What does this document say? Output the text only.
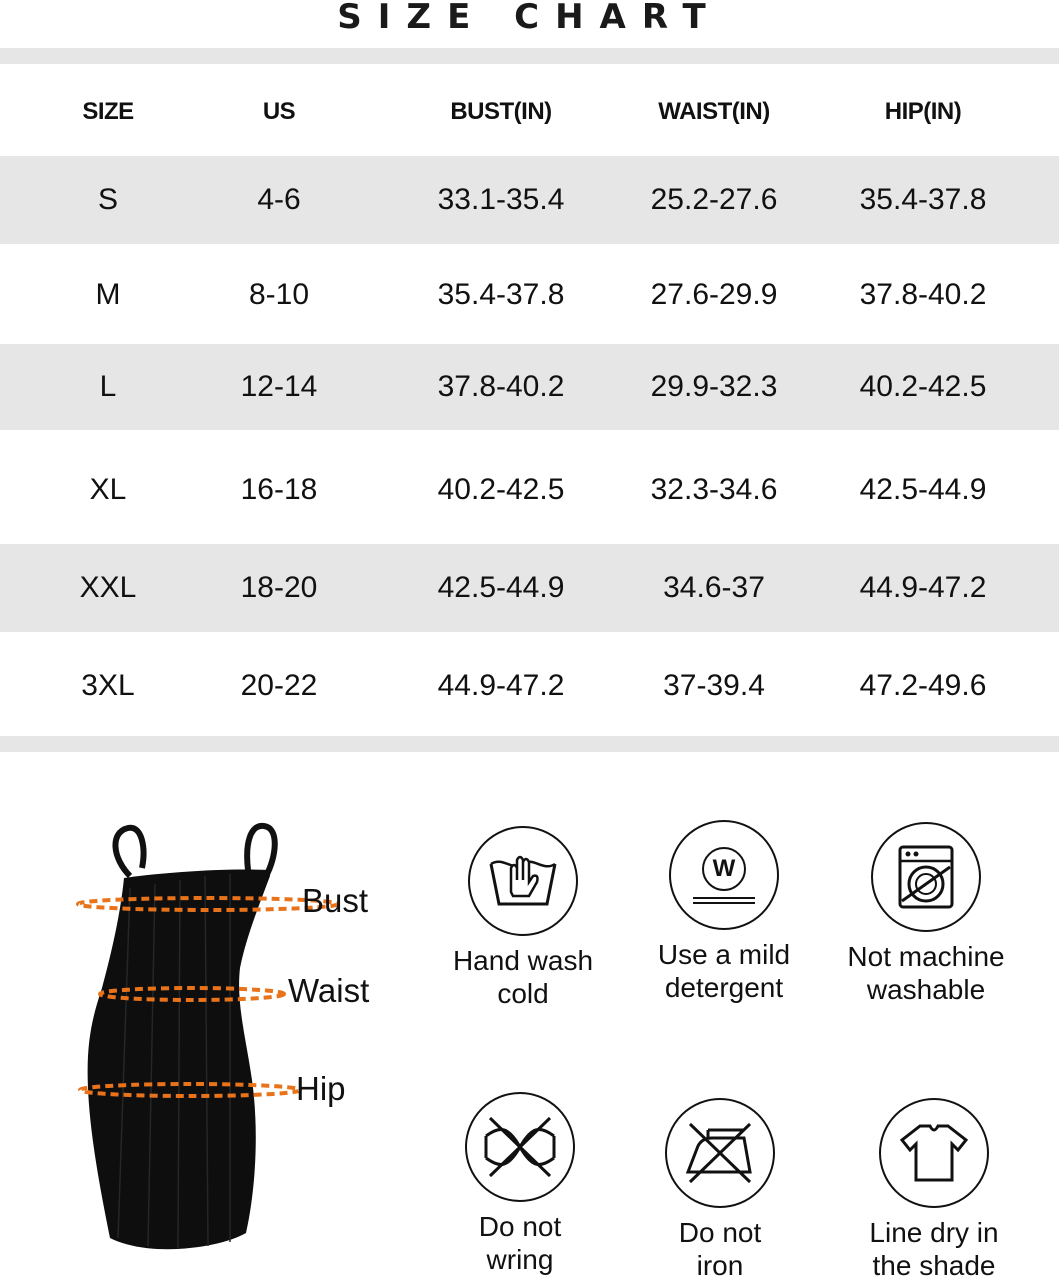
SIZE CHART
SIZE	US	BUST(IN)	WAIST(IN)	HIP(IN)
S	4-6	33.1-35.4	25.2-27.6	35.4-37.8
M	8-10	35.4-37.8	27.6-29.9	37.8-40.2
L	12-14	37.8-40.2	29.9-32.3	40.2-42.5
XL	16-18	40.2-42.5	32.3-34.6	42.5-44.9
XXL	18-20	42.5-44.9	34.6-37	44.9-47.2
3XL	20-22	44.9-47.2	37-39.4	47.2-49.6
Bust
Waist
Hip
Hand wash
cold
W
Use a mild
detergent
Not machine
washable
Do not
wring
Do not
iron
Line dry in
the shade
